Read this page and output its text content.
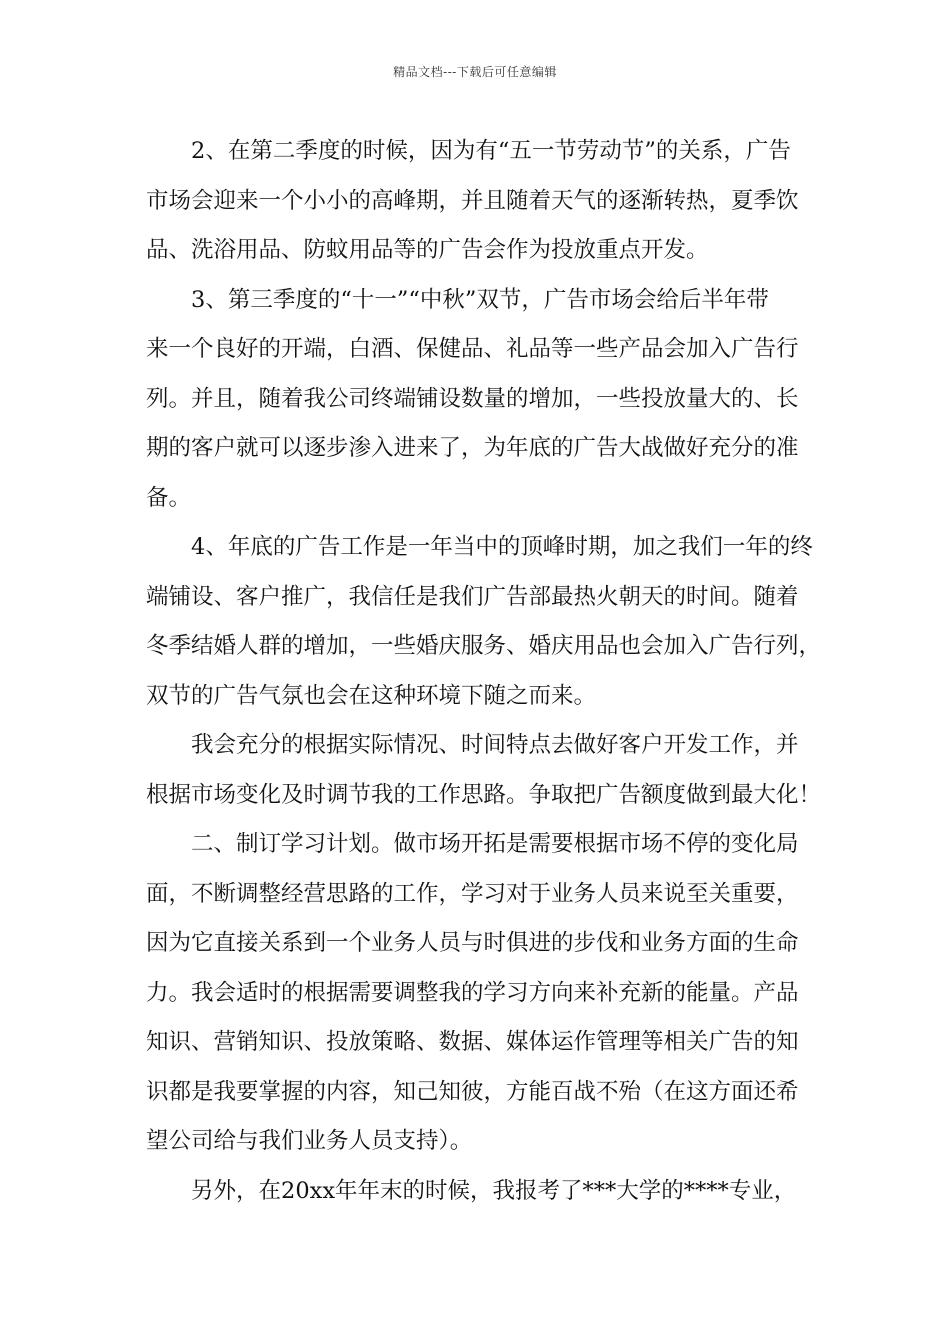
精品文档---下载后可任意编辑
2、在第二季度的时候，因为有“五一节劳动节”的关系，广告
市场会迎来一个小小的高峰期，并且随着天气的逐渐转热，夏季饮
品、洗浴用品、防蚊用品等的广告会作为投放重点开发。
3、第三季度的“十一”“中秋”双节，广告市场会给后半年带
来一个良好的开端，白酒、保健品、礼品等一些产品会加入广告行
列。并且，随着我公司终端铺设数量的增加，一些投放量大的、长
期的客户就可以逐步渗入进来了，为年底的广告大战做好充分的准
备。
4、年底的广告工作是一年当中的顶峰时期，加之我们一年的终
端铺设、客户推广，我信任是我们广告部最热火朝天的时间。随着
冬季结婚人群的增加，一些婚庆服务、婚庆用品也会加入广告行列，
双节的广告气氛也会在这种环境下随之而来。
我会充分的根据实际情况、时间特点去做好客户开发工作，并
根据市场变化及时调节我的工作思路。争取把广告额度做到最大化！
二、制订学习计划。做市场开拓是需要根据市场不停的变化局
面，不断调整经营思路的工作，学习对于业务人员来说至关重要，
因为它直接关系到一个业务人员与时俱进的步伐和业务方面的生命
力。我会适时的根据需要调整我的学习方向来补充新的能量。产品
知识、营销知识、投放策略、数据、媒体运作管理等相关广告的知
识都是我要掌握的内容，知己知彼，方能百战不殆（在这方面还希
望公司给与我们业务人员支持）。
另外，在20xx年年末的时候，我报考了***大学的****专业，
